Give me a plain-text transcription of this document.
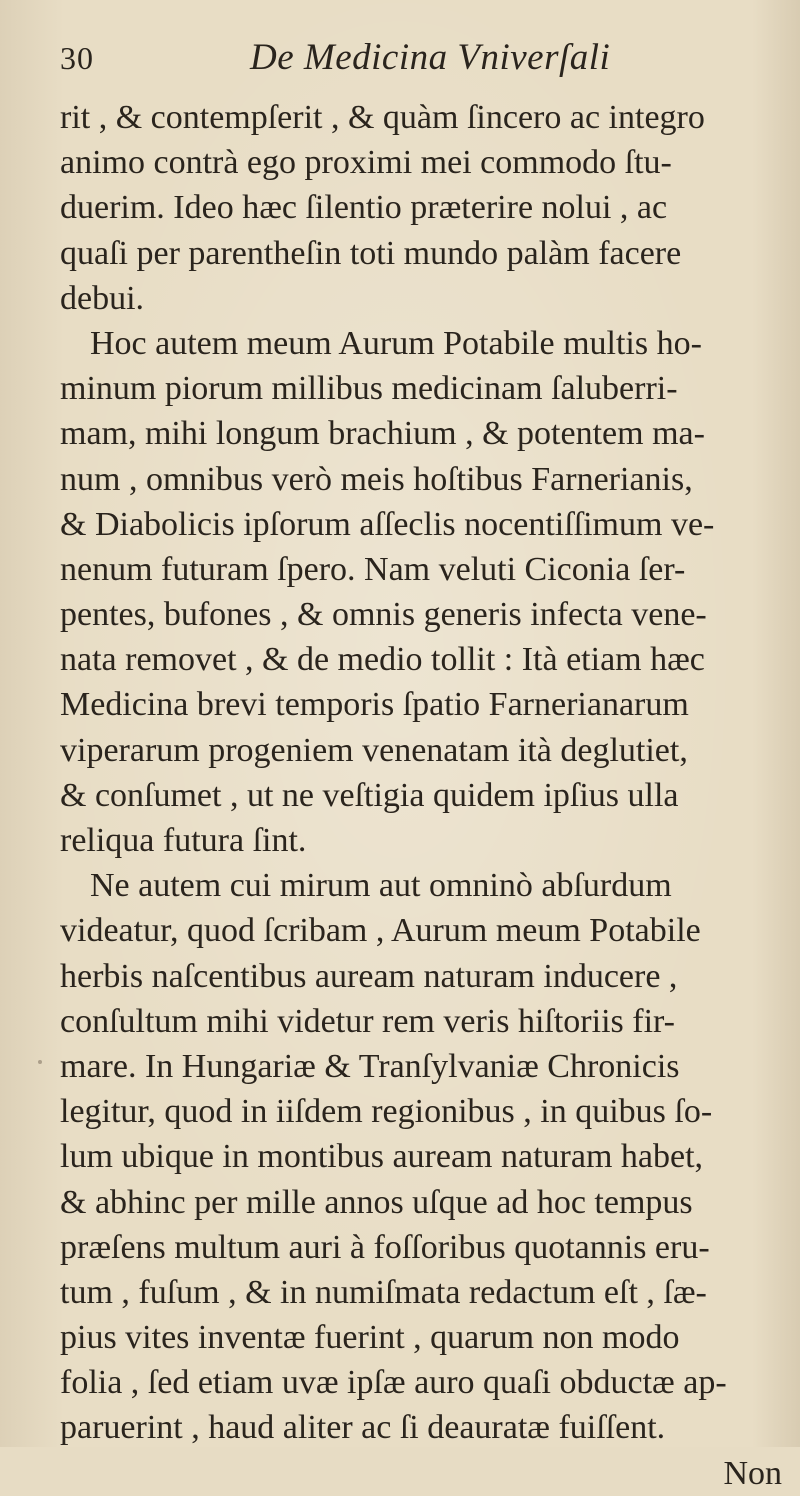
30	De Medicina Vniverſali
rit , & contempſerit , & quàm ſincero ac integro
animo contrà ego proximi mei commodo ſtu-
duerim. Ideo hæc ſilentio præterire nolui , ac
quaſi per parentheſin toti mundo palàm facere
debui.
Hoc autem meum Aurum Potabile multis ho-
minum piorum millibus medicinam ſaluberri-
mam, mihi longum brachium , & potentem ma-
num , omnibus verò meis hoſtibus Farnerianis,
& Diabolicis ipſorum aſſeclis nocentiſſimum ve-
nenum futuram ſpero. Nam veluti Ciconia ſer-
pentes, bufones , & omnis generis infecta vene-
nata removet , & de medio tollit : Ità etiam hæc
Medicina brevi temporis ſpatio Farnerianarum
viperarum progeniem venenatam ità deglutiet,
& conſumet , ut ne veſtigia quidem ipſius ulla
reliqua futura ſint.
Ne autem cui mirum aut omninò abſurdum
videatur, quod ſcribam , Aurum meum Potabile
herbis naſcentibus auream naturam inducere ,
conſultum mihi videtur rem veris hiſtoriis fir-
mare. In Hungariæ & Tranſylvaniæ Chronicis
legitur, quod in iiſdem regionibus , in quibus ſo-
lum ubique in montibus auream naturam habet,
& abhinc per mille annos uſque ad hoc tempus
præſens multum auri à foſſoribus quotannis eru-
tum , fuſum , & in numiſmata redactum eſt , ſæ-
pius vites inventæ fuerint , quarum non modo
folia , ſed etiam uvæ ipſæ auro quaſi obductæ ap-
paruerint , haud aliter ac ſi deauratæ fuiſſent.
Non
